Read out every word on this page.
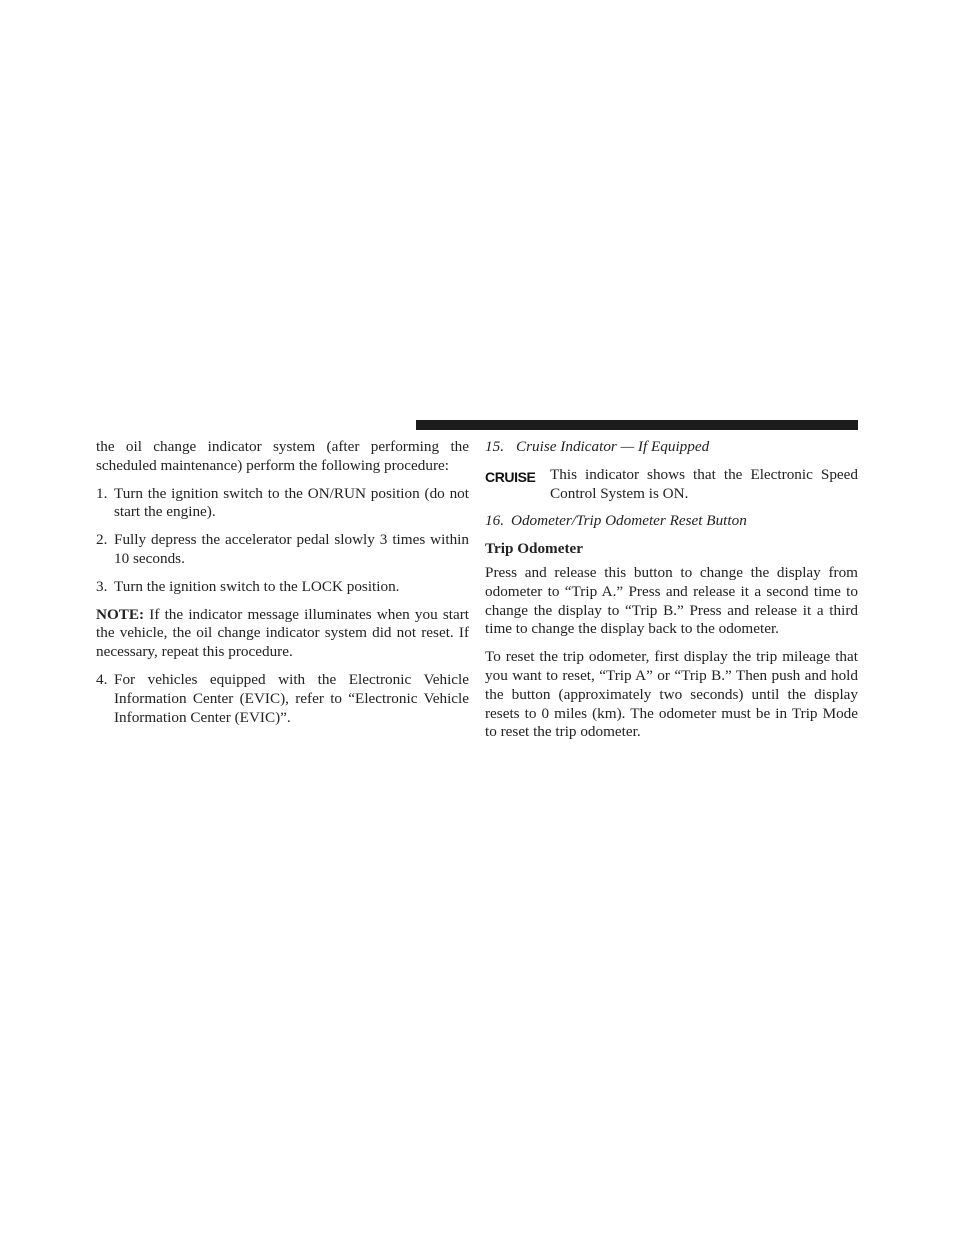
the oil change indicator system (after performing the scheduled maintenance) perform the following procedure:

1. Turn the ignition switch to the ON/RUN position (do not start the engine).
2. Fully depress the accelerator pedal slowly 3 times within 10 seconds.
3. Turn the ignition switch to the LOCK position.

NOTE: If the indicator message illuminates when you start the vehicle, the oil change indicator system did not reset. If necessary, repeat this procedure.

4. For vehicles equipped with the Electronic Vehicle Information Center (EVIC), refer to “Electronic Vehicle Information Center (EVIC)”.
15. Cruise Indicator — If Equipped
CRUISE This indicator shows that the Electronic Speed Control System is ON.
16. Odometer/Trip Odometer Reset Button
Trip Odometer

Press and release this button to change the display from odometer to “Trip A.” Press and release it a second time to change the display to “Trip B.” Press and release it a third time to change the display back to the odometer.

To reset the trip odometer, first display the trip mileage that you want to reset, “Trip A” or “Trip B.” Then push and hold the button (approximately two seconds) until the display resets to 0 miles (km). The odometer must be in Trip Mode to reset the trip odometer.
